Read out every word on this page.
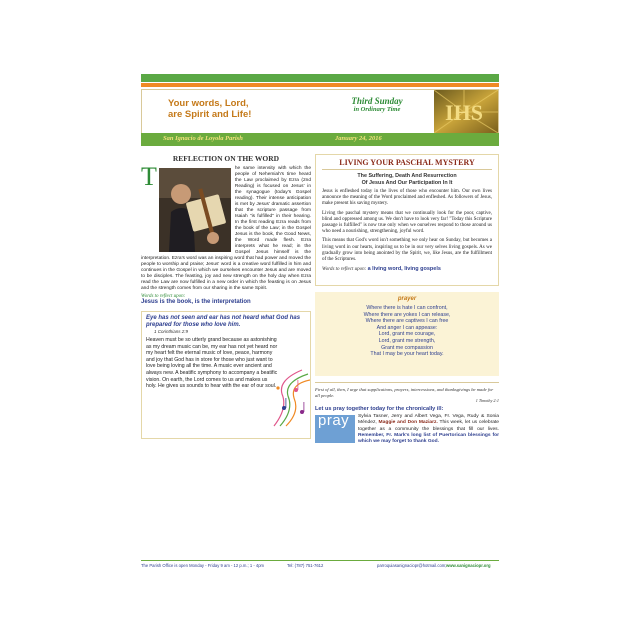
Your words, Lord,
are Spirit and Life!
Third Sunday
in Ordinary Time	IHS
San Ignacio de Loyola Parish	January 24, 2016
REFLECTION ON THE WORD
T	he same intensity with which the people of Nehemiah's time heard the Law proclaimed by Ezra (2nd Reading) is focused on Jesus' in the synagogue (today's Gospel reading). Their intense anticipation is met by Jesus' dramatic assertion that the scripture passage from Isaiah "is fulfilled" in their hearing. In the first reading Ezra reads from the book of the Law; in the Gospel Jesus is the book, the Good News, the Word made flesh. Ezra interprets what he read; in the Gospel Jesus himself is the interpretation. Ezra's word was an inspiring word that had power and moved the people to worship and praise; Jesus' word is a creative word fulfilled in him and continues in the Gospel in which we ourselves encounter Jesus and are moved to be disciples. The feasting, joy and new strength on the holy day when Ezra read the Law are now fulfilled in a new order in which the feasting is on Jesus and the strength comes from our sharing in the same Spirit.
Words to reflect upon:
Jesus is the book, is the interpretation
Eye has not seen and ear has not heard what God has prepared for those who love him.
1 Corinthians 2:9
Heaven must be so utterly grand because as astonishing as my dream music can be, my ear has not yet heard nor my heart felt the eternal music of love, peace, harmony and joy that God has in store for those who just want to love being loving all the time. A music ever ancient and always new. A beatific symphony to accompany a beatific vision. On earth, the Lord comes to us and makes us holy. He gives us sounds to hear with the ear of our soul.
LIVING YOUR PASCHAL MYSTERY
The Suffering, Death And Resurrection
Of Jesus And Our Participation In It

Jesus is enfleshed today in the lives of those who encounter him. Our own lives announce the meaning of the Word proclaimed and enfleshed. As followers of Jesus, make present his saving mystery.

Living the paschal mystery means that we continually look for the poor, captive, blind and oppressed among us. We don't have to look very far! "Today this Scripture passage is fulfilled" is now true only when we ourselves respond to those around us who need a nourishing, strengthening, joyful word.

This means that God's word isn't something we only hear on Sunday, but becomes a living word in our hearts, inspiring us to be in our very selves living gospels. As we gradually grow into being anointed by the Spirit, we, like Jesus, are the fulfillment of the Scriptures.

Words to reflect upon: a living word, living gospels
prayer
Where there is hate I can confront,
Where there are yokes I can release,
Where there are captives I can free
And anger I can appease:
Lord, grant me courage,
Lord, grant me strength,
Grant me compassion
That I may be your heart today.
First of all, then, I urge that supplications, prayers, intercessions, and thanksgivings be made for all people.
1 Timothy 2:1
Let us pray together today for the chronically ill:
pray Sylvia Tasner, Jerry and Albert Vega, Fr. Vega, Rudy & Sonia Méndez, Maggie and Don Maziarz. This week, let us celebrate together as a community the blessings that fill our lives. Remember, Fr. Mark's long list of Puertorican blessings for which we may forget to thank God.
The Parish Office is open Monday - Friday 9 am - 12 p.m.; 1 - 4pm	Tel: (787) 751-7612	parroquiasanignaciopr@hotmail.com; www.sanignaciopr.org
